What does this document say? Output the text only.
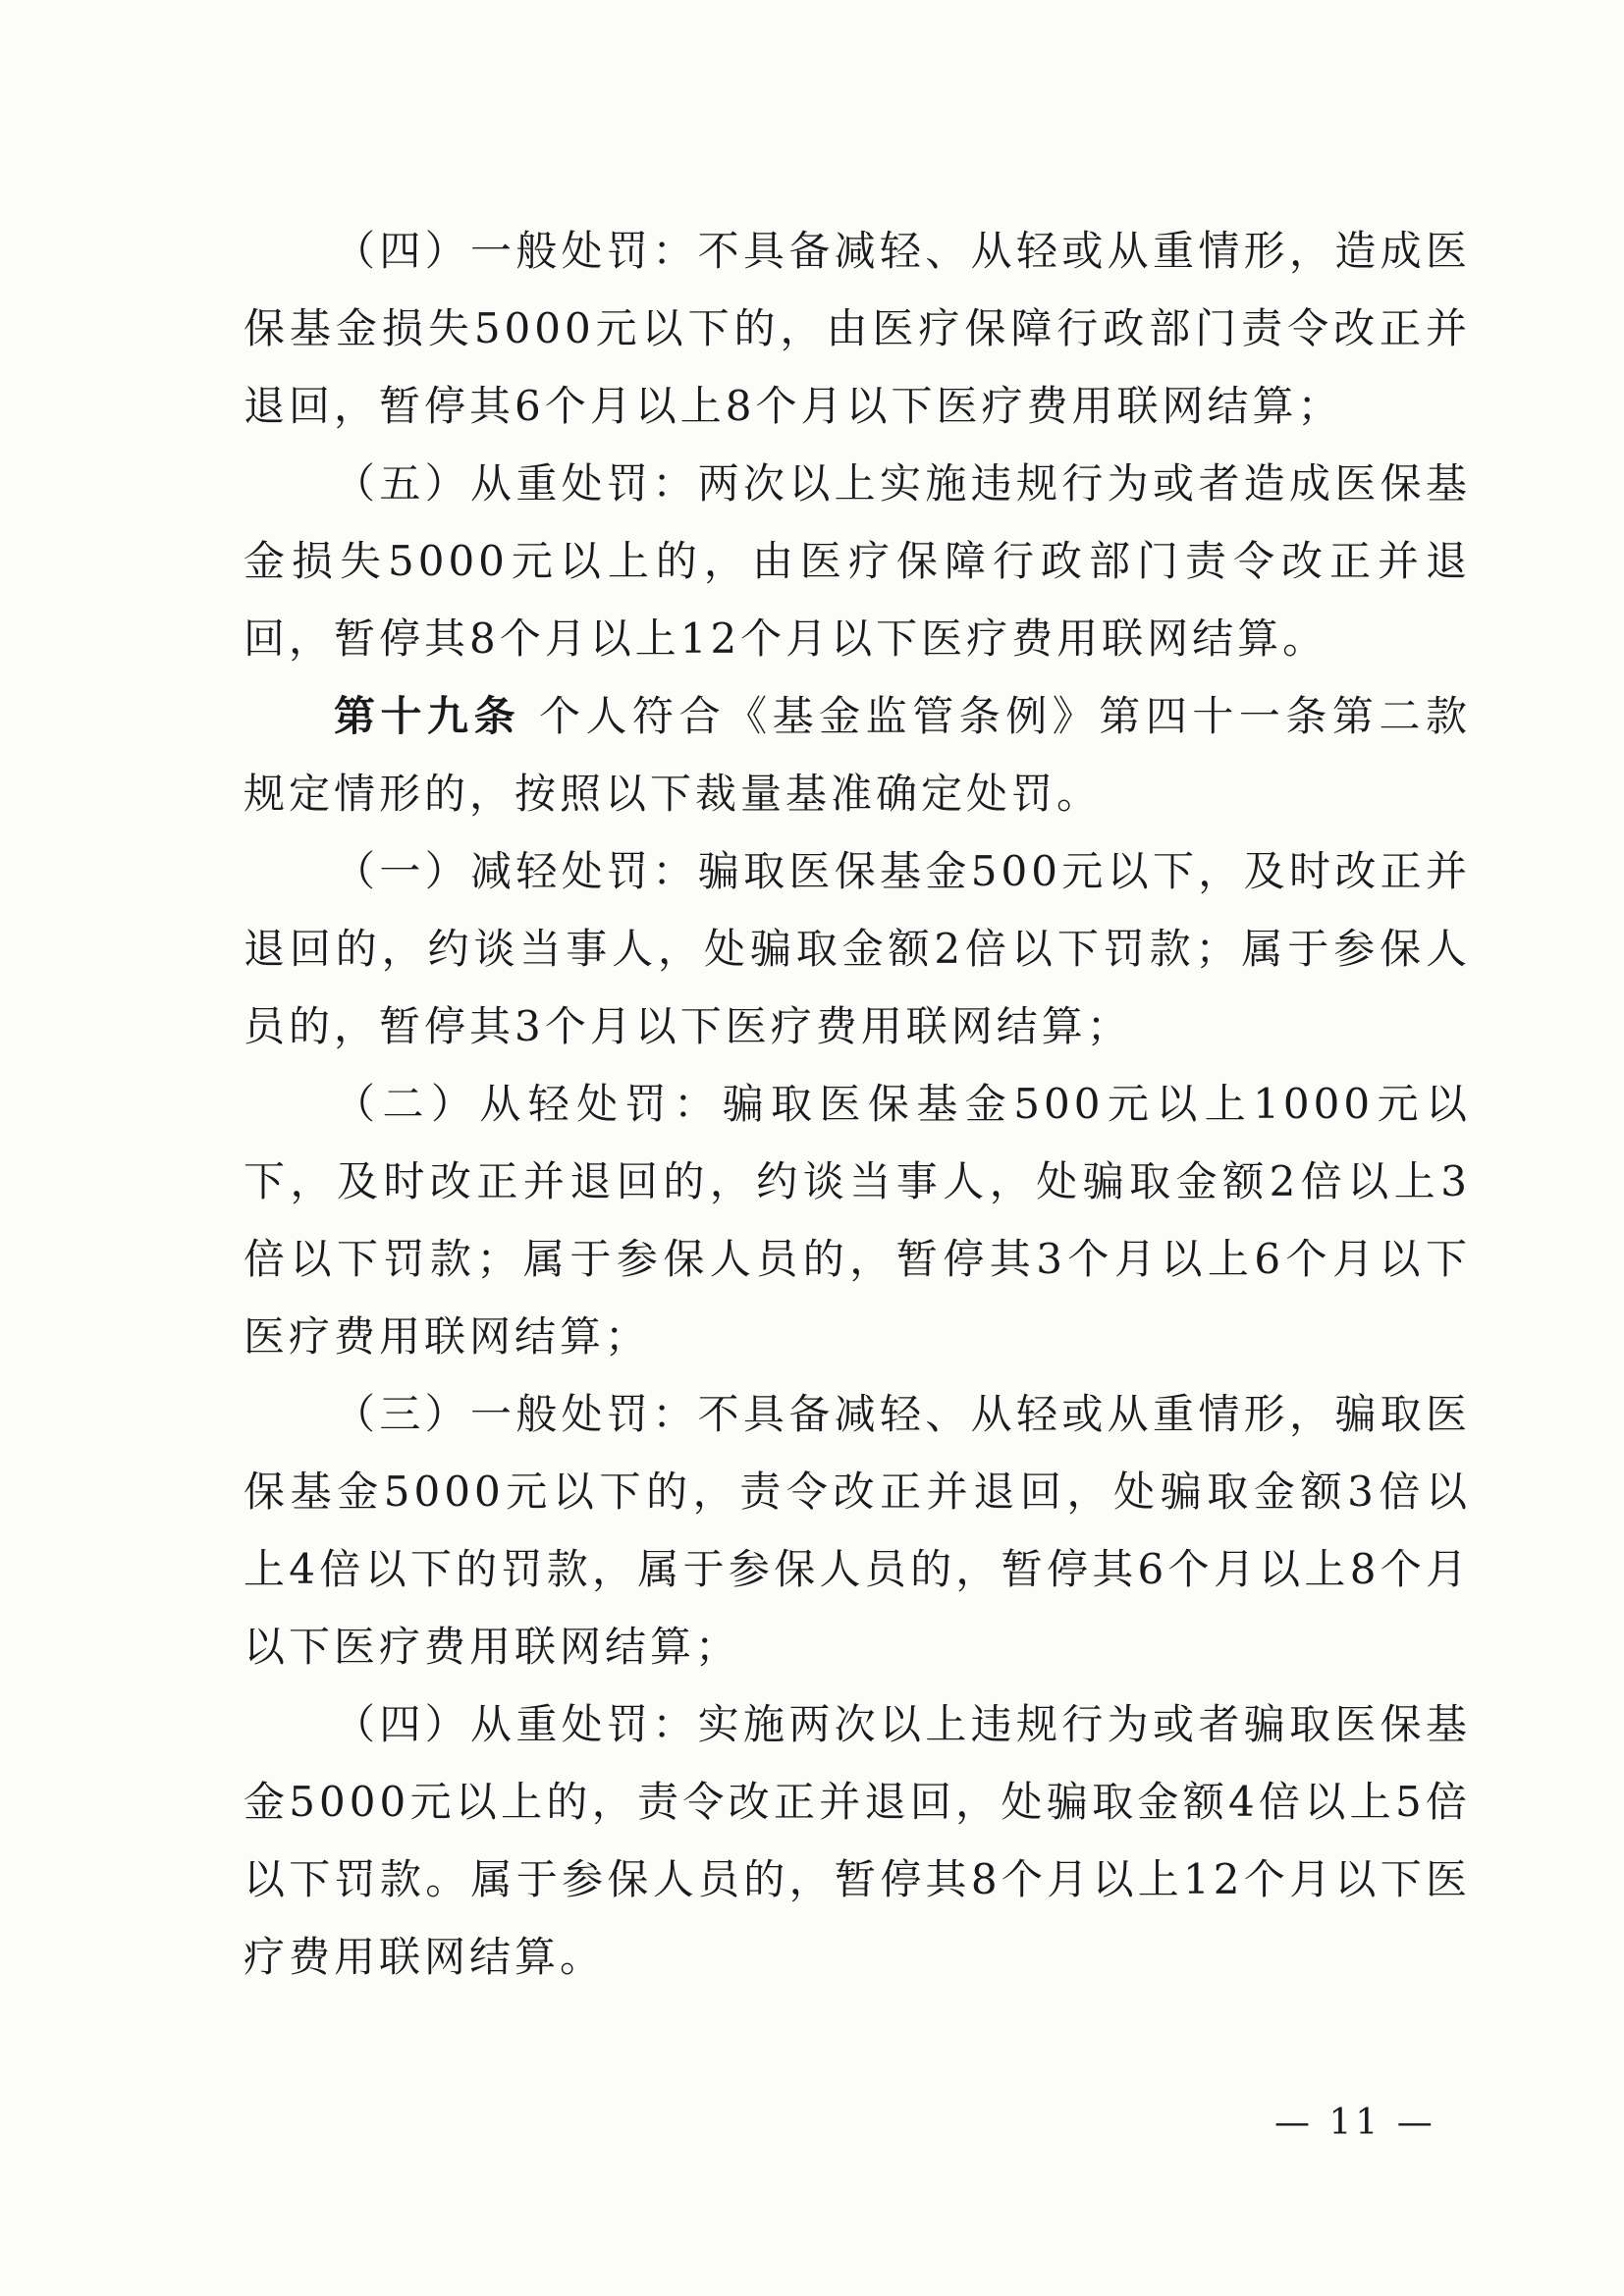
（四）一般处罚：不具备减轻、从轻或从重情形，造成医保基金损失5000元以下的，由医疗保障行政部门责令改正并退回，暂停其6个月以上8个月以下医疗费用联网结算；

（五）从重处罚：两次以上实施违规行为或者造成医保基金损失5000元以上的，由医疗保障行政部门责令改正并退回，暂停其8个月以上12个月以下医疗费用联网结算。

第十九条 个人符合《基金监管条例》第四十一条第二款规定情形的，按照以下裁量基准确定处罚。

（一）减轻处罚：骗取医保基金500元以下，及时改正并退回的，约谈当事人，处骗取金额2倍以下罚款；属于参保人员的，暂停其3个月以下医疗费用联网结算；

（二）从轻处罚：骗取医保基金500元以上1000元以下，及时改正并退回的，约谈当事人，处骗取金额2倍以上3倍以下罚款；属于参保人员的，暂停其3个月以上6个月以下医疗费用联网结算；

（三）一般处罚：不具备减轻、从轻或从重情形，骗取医保基金5000元以下的，责令改正并退回，处骗取金额3倍以上4倍以下的罚款，属于参保人员的，暂停其6个月以上8个月以下医疗费用联网结算；

（四）从重处罚：实施两次以上违规行为或者骗取医保基金5000元以上的，责令改正并退回，处骗取金额4倍以上5倍以下罚款。属于参保人员的，暂停其8个月以上12个月以下医疗费用联网结算。

— 11 —
